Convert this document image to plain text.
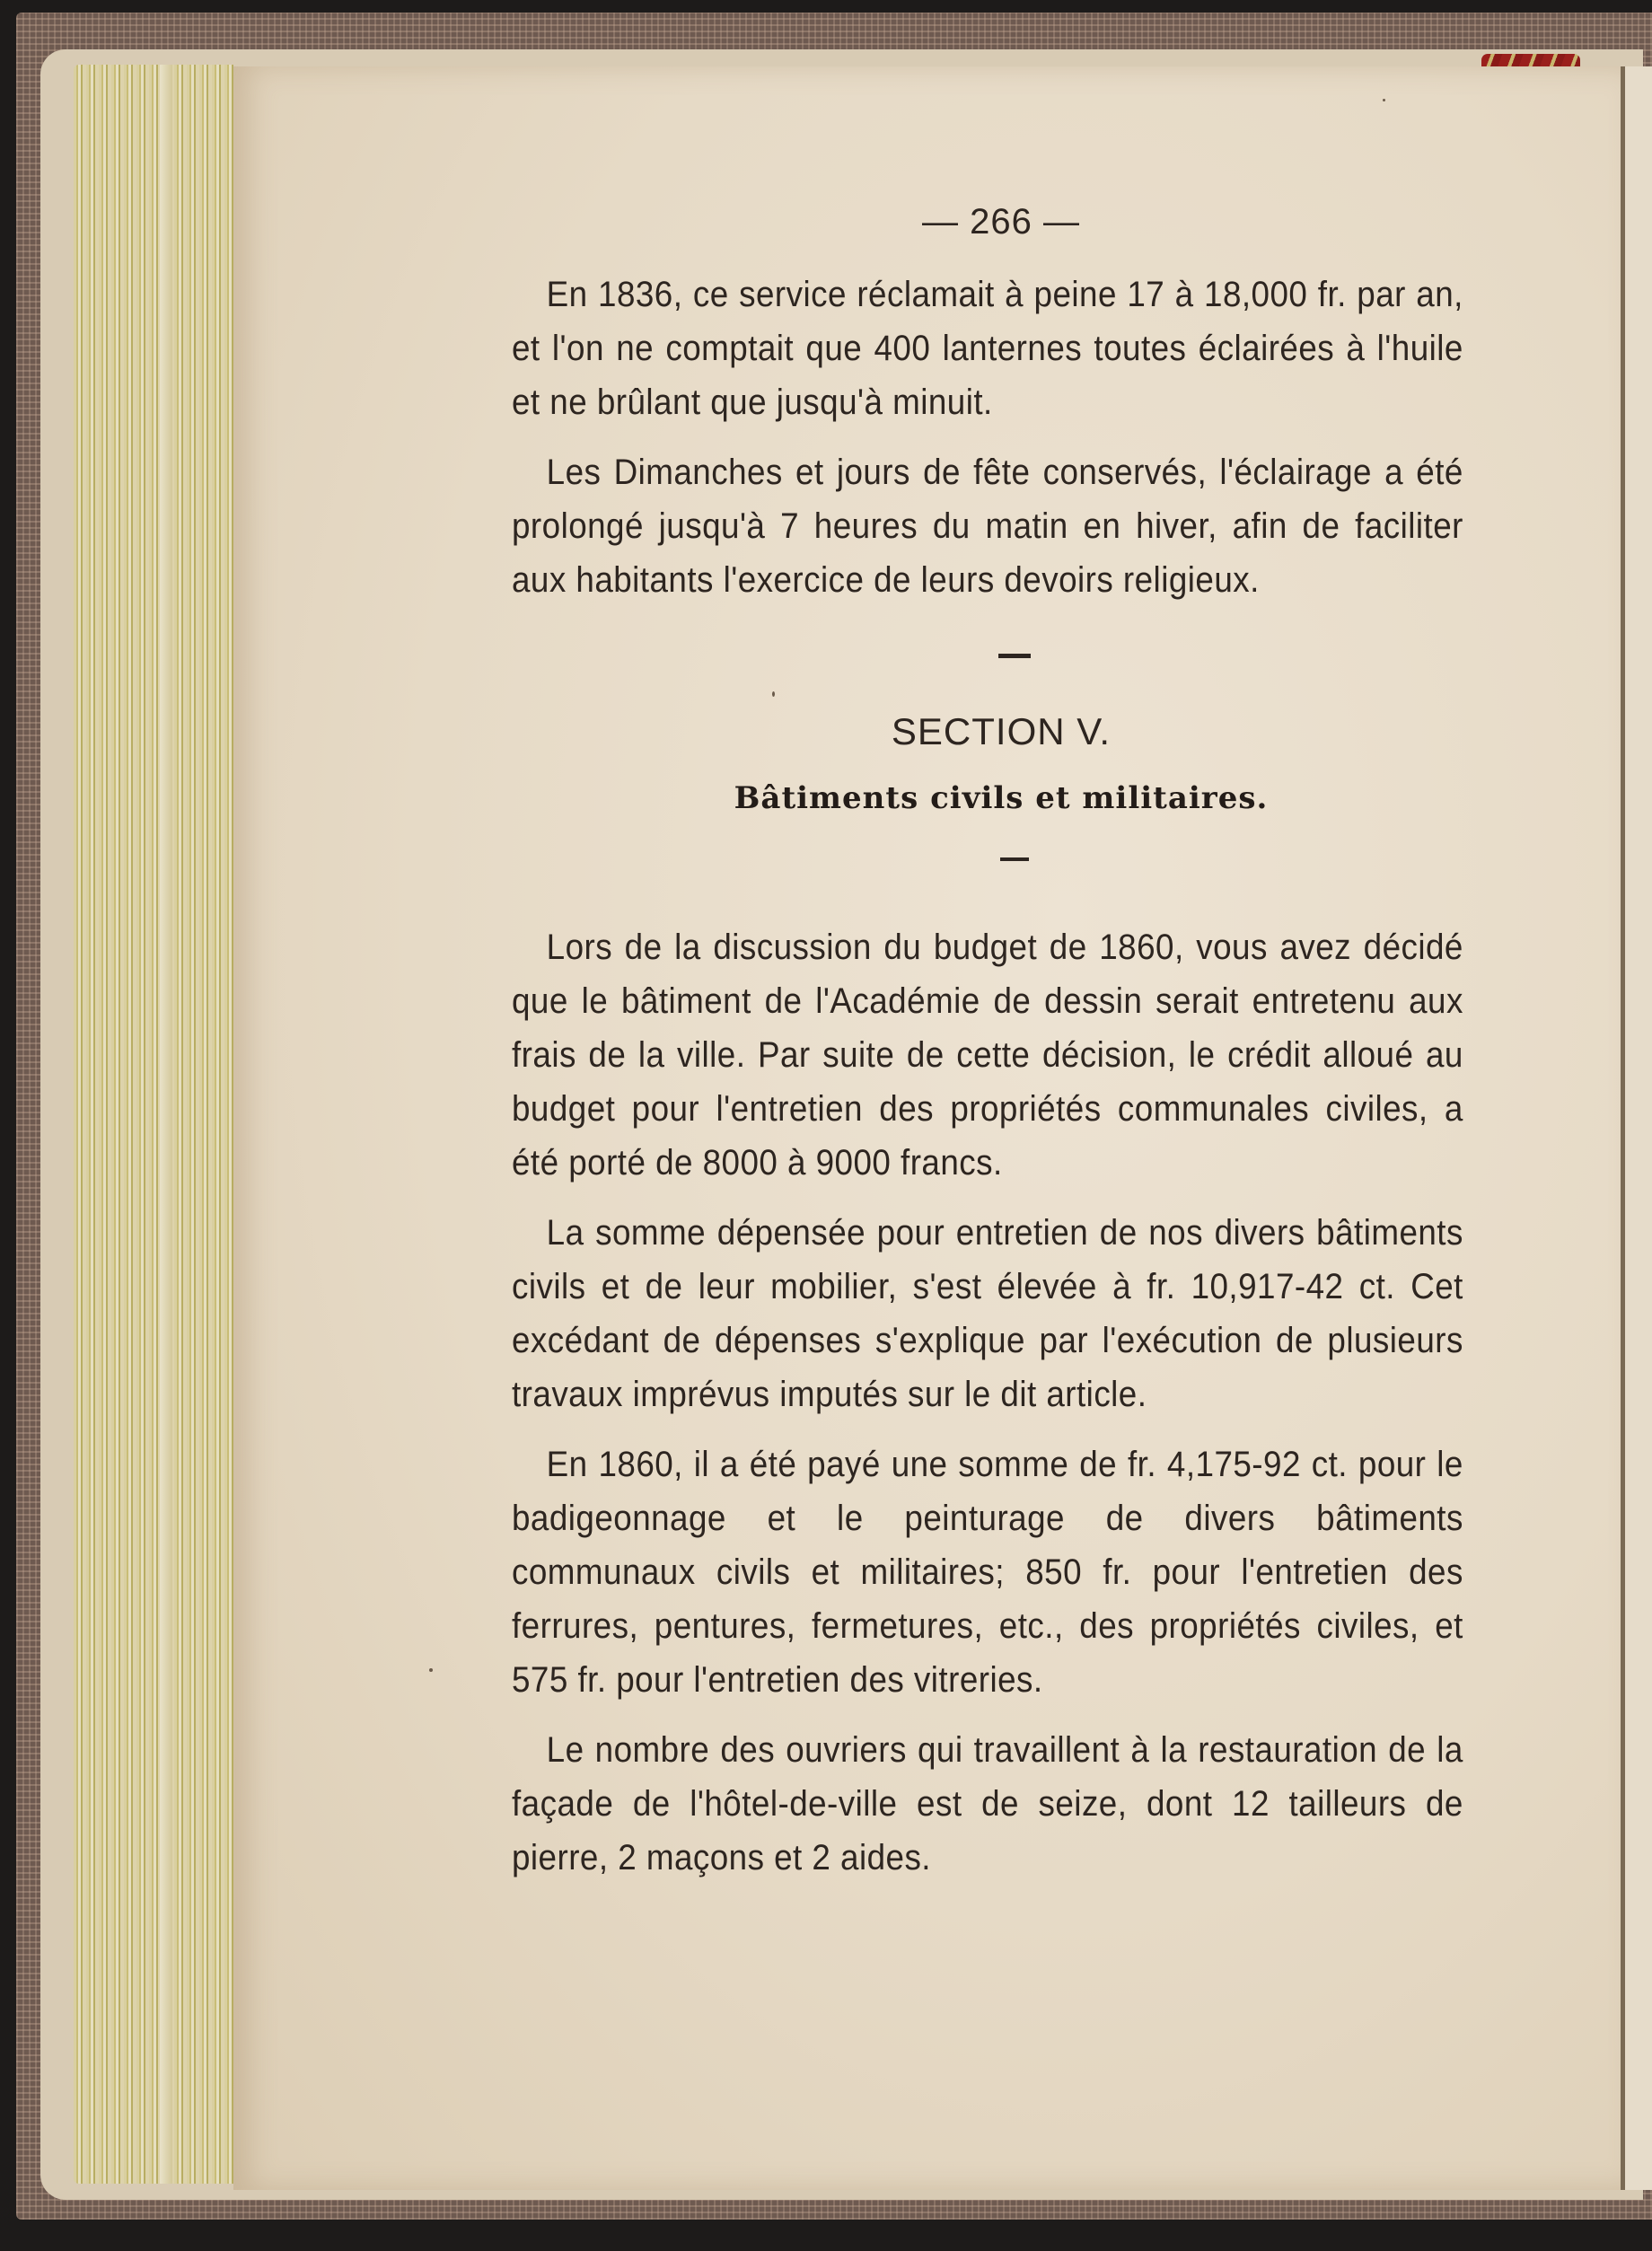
— 266 —

En 1836, ce service réclamait à peine 17 à 18,000 fr. par an, et l'on ne comptait que 400 lanternes toutes éclairées à l'huile et ne brûlant que jusqu'à minuit.

Les Dimanches et jours de fête conservés, l'éclairage a été prolongé jusqu'à 7 heures du matin en hiver, afin de faciliter aux habitants l'exercice de leurs devoirs religieux.

SECTION V.
Bâtiments civils et militaires.

Lors de la discussion du budget de 1860, vous avez décidé que le bâtiment de l'Académie de dessin serait entretenu aux frais de la ville. Par suite de cette décision, le crédit alloué au budget pour l'entretien des propriétés communales civiles, a été porté de 8000 à 9000 francs.

La somme dépensée pour entretien de nos divers bâtiments civils et de leur mobilier, s'est élevée à fr. 10,917-42 ct. Cet excédant de dépenses s'explique par l'exécution de plusieurs travaux imprévus imputés sur le dit article.

En 1860, il a été payé une somme de fr. 4,175-92 ct. pour le badigeonnage et le peinturage de divers bâtiments communaux civils et militaires; 850 fr. pour l'entretien des ferrures, pentures, fermetures, etc., des propriétés civiles, et 575 fr. pour l'entretien des vitreries.

Le nombre des ouvriers qui travaillent à la restauration de la façade de l'hôtel-de-ville est de seize, dont 12 tailleurs de pierre, 2 maçons et 2 aides.
